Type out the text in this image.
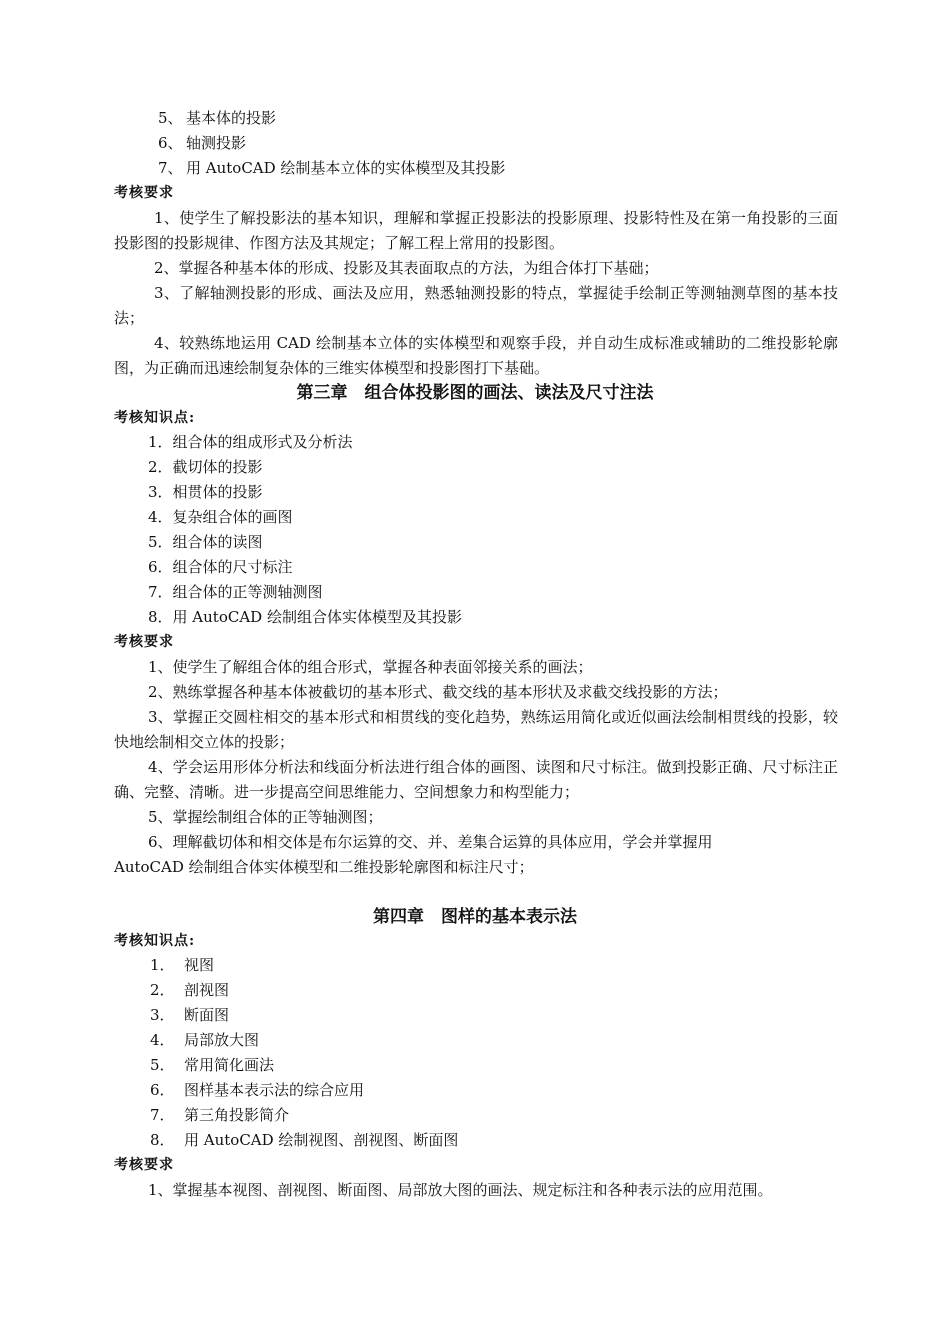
5、 基本体的投影
6、 轴测投影
7、 用 AutoCAD 绘制基本立体的实体模型及其投影
考核要求
1、使学生了解投影法的基本知识，理解和掌握正投影法的投影原理、投影特性及在第一角投影的三面投影图的投影规律、作图方法及其规定；了解工程上常用的投影图。
2、掌握各种基本体的形成、投影及其表面取点的方法，为组合体打下基础；
3、了解轴测投影的形成、画法及应用，熟悉轴测投影的特点，掌握徒手绘制正等测轴测草图的基本技法；
4、较熟练地运用 CAD 绘制基本立体的实体模型和观察手段，并自动生成标准或辅助的二维投影轮廓图，为正确而迅速绘制复杂体的三维实体模型和投影图打下基础。
第三章　组合体投影图的画法、读法及尺寸注法
考核知识点:
1．组合体的组成形式及分析法
2．截切体的投影
3．相贯体的投影
4．复杂组合体的画图
5．组合体的读图
6．组合体的尺寸标注
7．组合体的正等测轴测图
8．用 AutoCAD 绘制组合体实体模型及其投影
考核要求
1、使学生了解组合体的组合形式，掌握各种表面邻接关系的画法；
2、熟练掌握各种基本体被截切的基本形式、截交线的基本形状及求截交线投影的方法；
3、掌握正交圆柱相交的基本形式和相贯线的变化趋势，熟练运用简化或近似画法绘制相贯线的投影，较快地绘制相交立体的投影；
4、学会运用形体分析法和线面分析法进行组合体的画图、读图和尺寸标注。做到投影正确、尺寸标注正确、完整、清晰。进一步提高空间思维能力、空间想象力和构型能力；
5、掌握绘制组合体的正等轴测图；
6、理解截切体和相交体是布尔运算的交、并、差集合运算的具体应用，学会并掌握用
AutoCAD 绘制组合体实体模型和二维投影轮廓图和标注尺寸；
第四章　图样的基本表示法
考核知识点:
1． 视图
2． 剖视图
3． 断面图
4． 局部放大图
5． 常用简化画法
6． 图样基本表示法的综合应用
7． 第三角投影简介
8． 用 AutoCAD 绘制视图、剖视图、断面图
考核要求
1、掌握基本视图、剖视图、断面图、局部放大图的画法、规定标注和各种表示法的应用范围。
